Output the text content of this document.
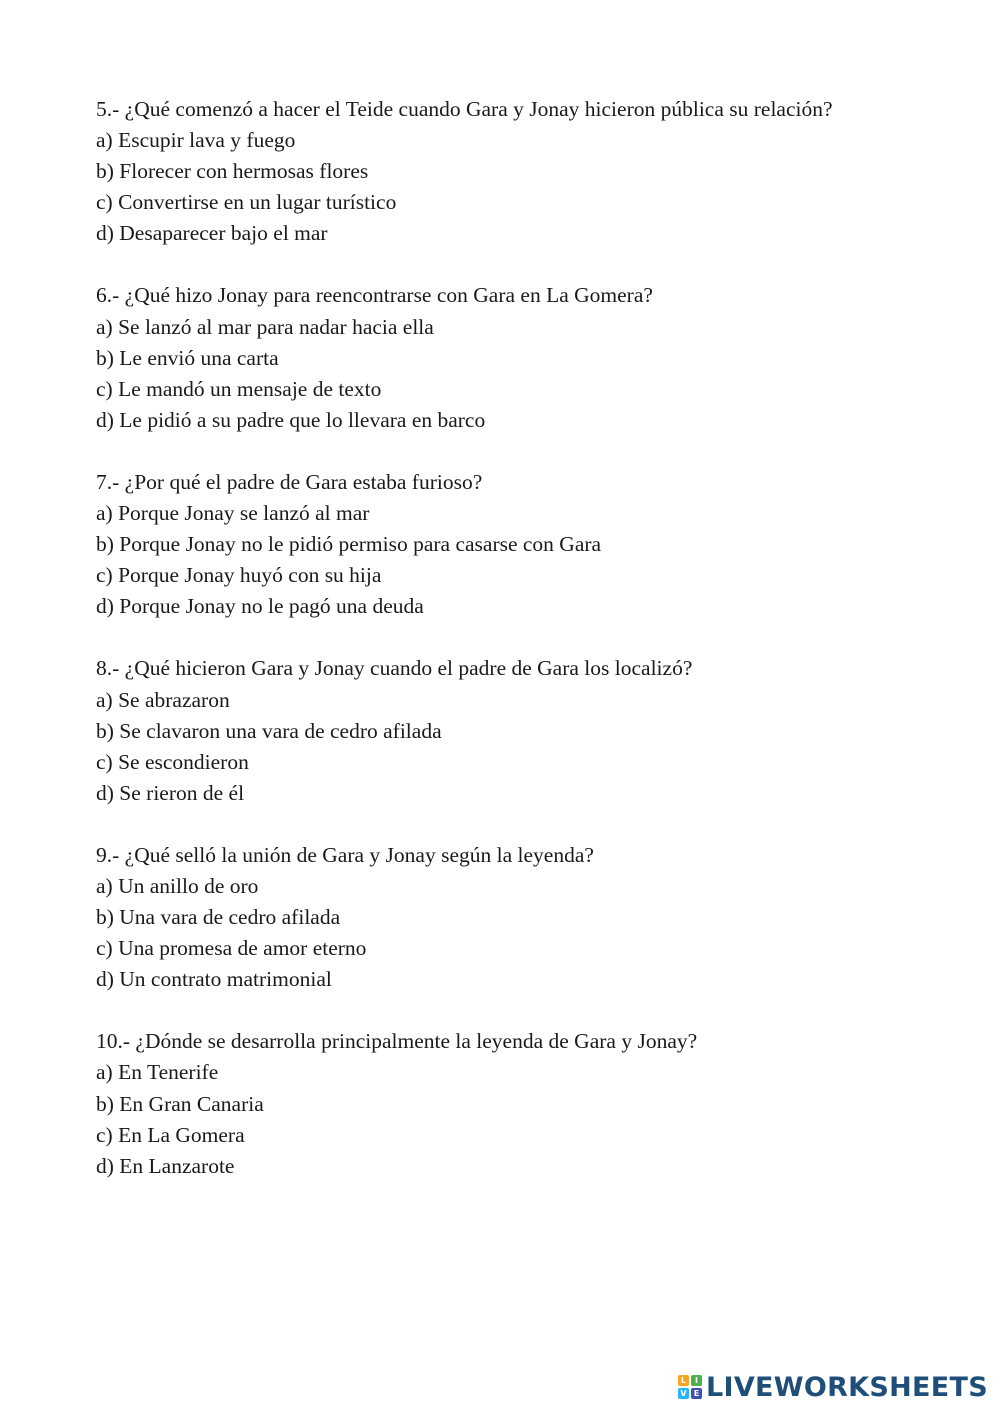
5.- ¿Qué comenzó a hacer el Teide cuando Gara y Jonay hicieron pública su relación?
a) Escupir lava y fuego
b) Florecer con hermosas flores
c) Convertirse en un lugar turístico
d) Desaparecer bajo el mar
6.- ¿Qué hizo Jonay para reencontrarse con Gara en La Gomera?
a) Se lanzó al mar para nadar hacia ella
b) Le envió una carta
c) Le mandó un mensaje de texto
d) Le pidió a su padre que lo llevara en barco
7.- ¿Por qué el padre de Gara estaba furioso?
a) Porque Jonay se lanzó al mar
b) Porque Jonay no le pidió permiso para casarse con Gara
c) Porque Jonay huyó con su hija
d) Porque Jonay no le pagó una deuda
8.- ¿Qué hicieron Gara y Jonay cuando el padre de Gara los localizó?
a) Se abrazaron
b) Se clavaron una vara de cedro afilada
c) Se escondieron
d) Se rieron de él
9.- ¿Qué selló la unión de Gara y Jonay según la leyenda?
a) Un anillo de oro
b) Una vara de cedro afilada
c) Una promesa de amor eterno
d) Un contrato matrimonial
10.- ¿Dónde se desarrolla principalmente la leyenda de Gara y Jonay?
a) En Tenerife
b) En Gran Canaria
c) En La Gomera
d) En Lanzarote
L	I
V E LIVEWORKSHEETS
